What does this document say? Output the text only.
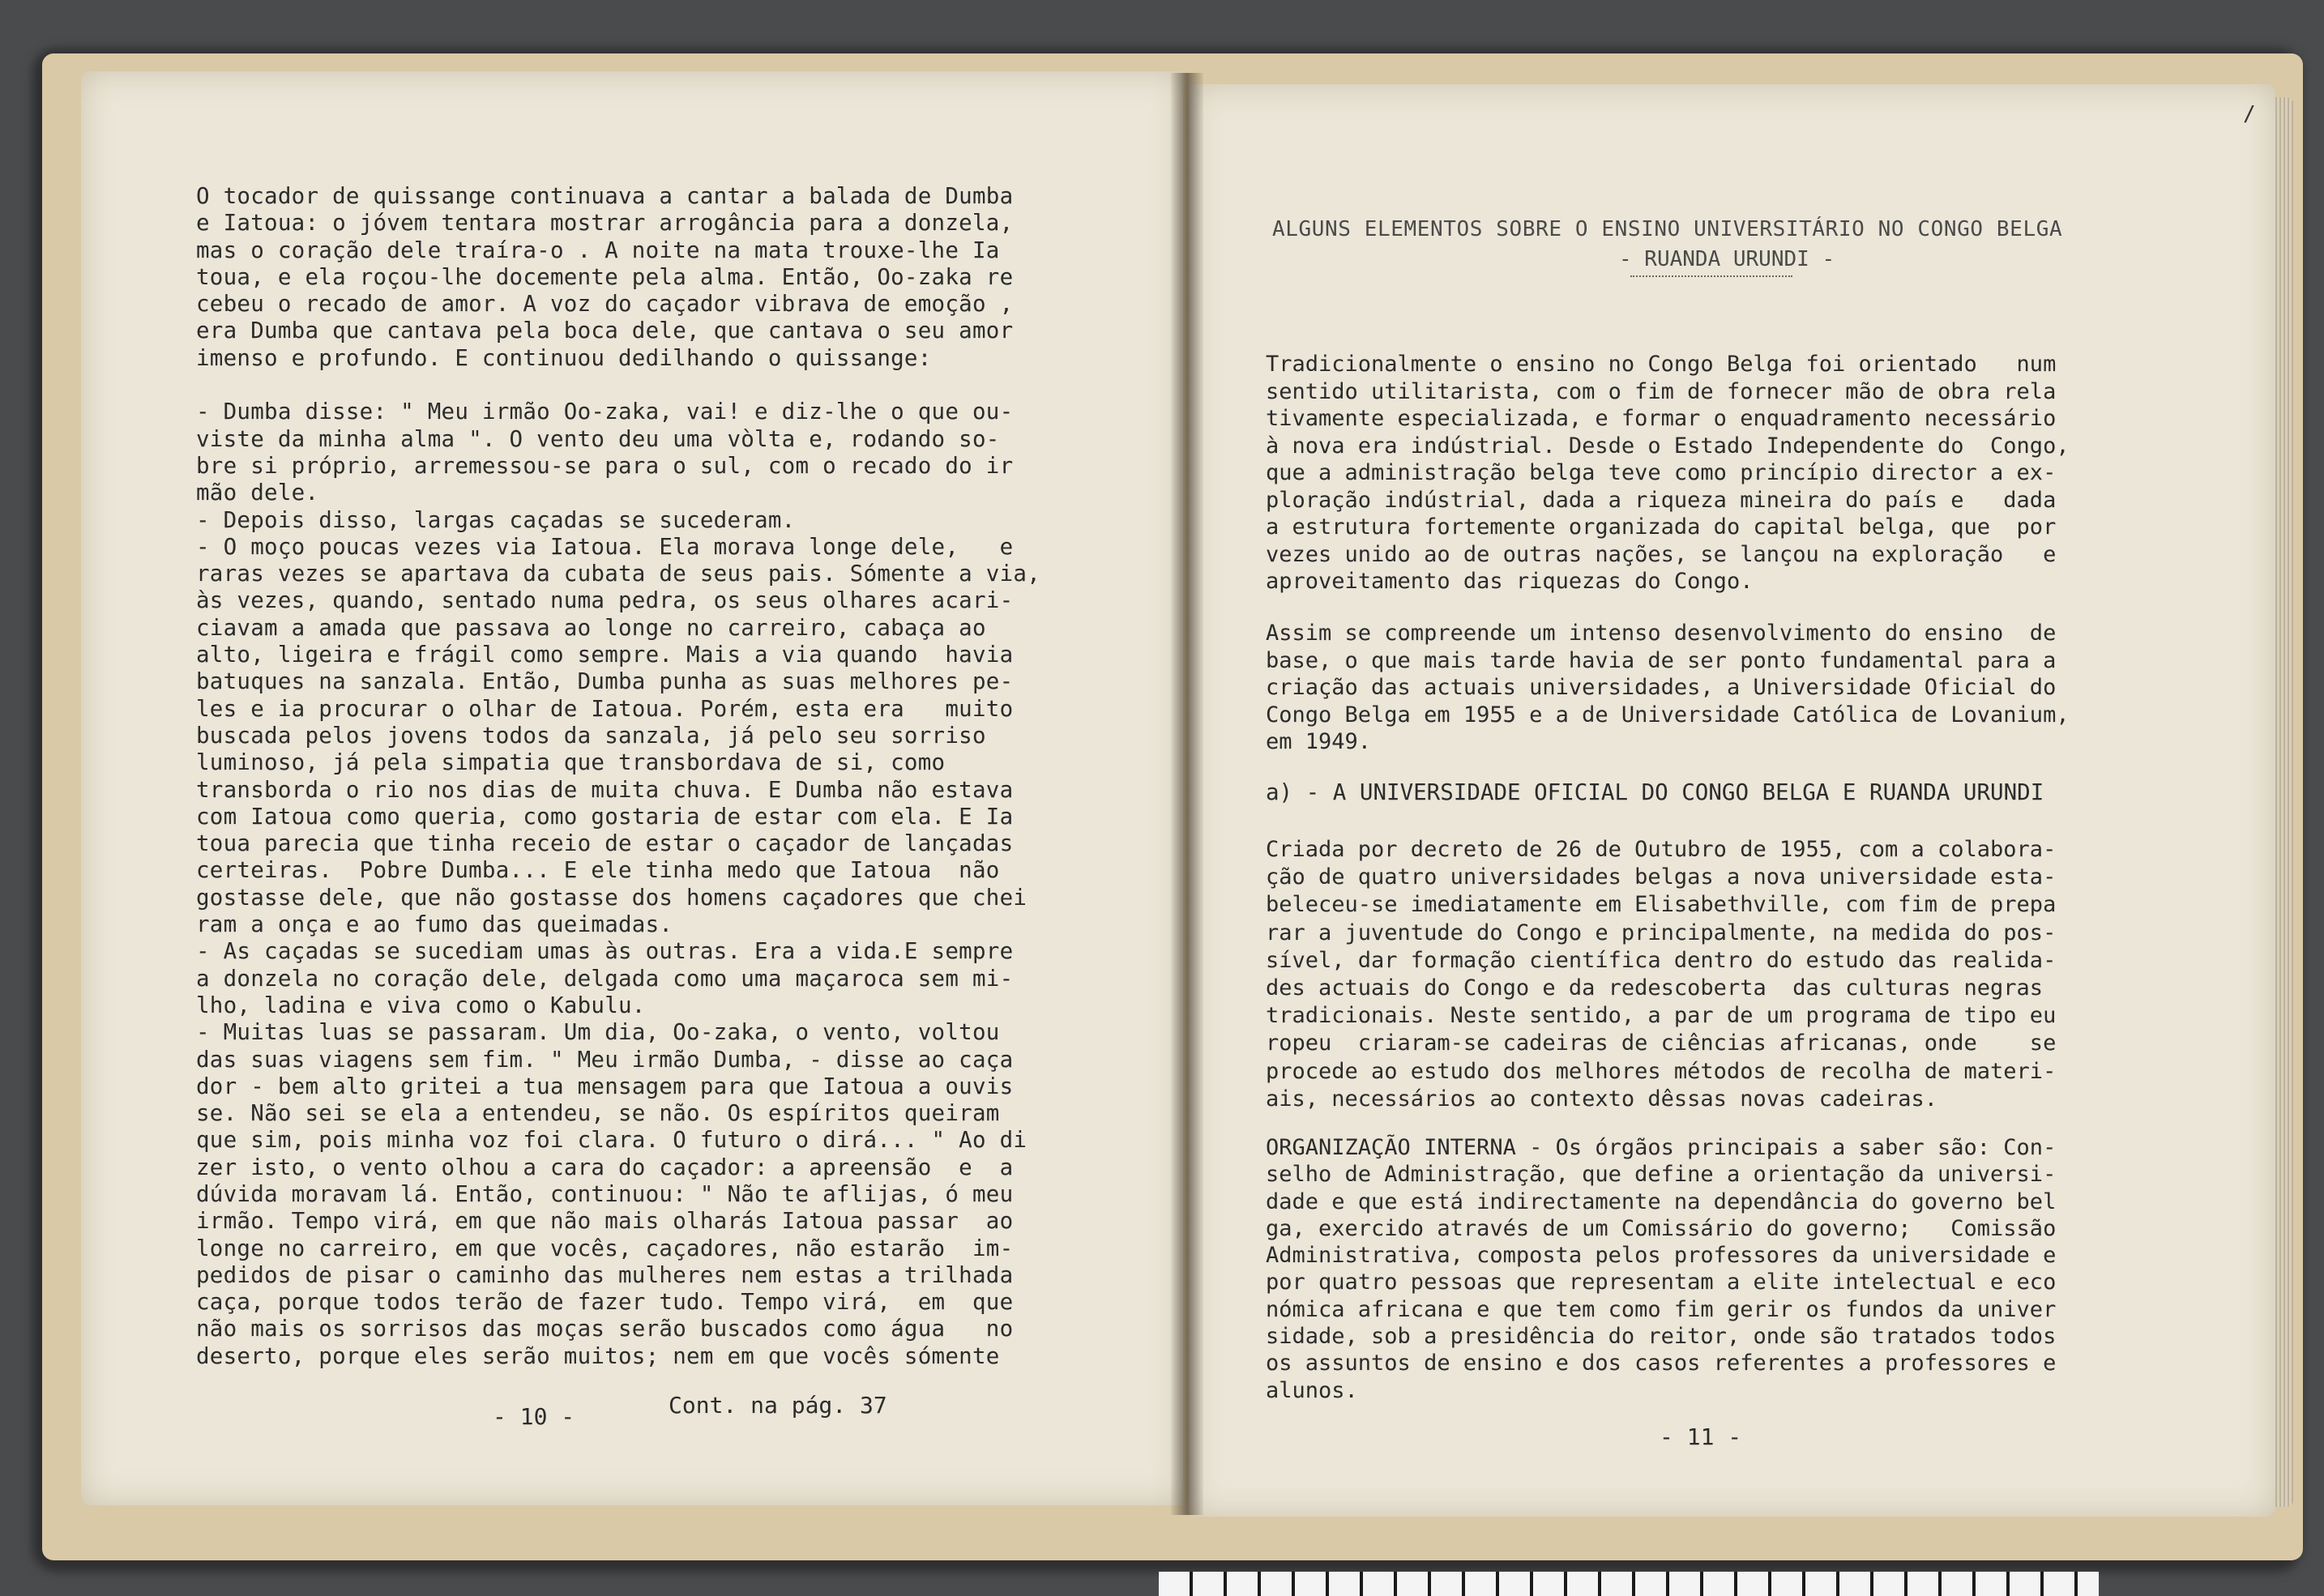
O tocador de quissange continuava a cantar a balada de Dumba
e Iatoua: o jóvem tentara mostrar arrogância para a donzela,
mas o coração dele traíra-o . A noite na mata trouxe-lhe Ia
toua, e ela roçou-lhe docemente pela alma. Então, Oo-zaka re
cebeu o recado de amor. A voz do caçador vibrava de emoção ,
era Dumba que cantava pela boca dele, que cantava o seu amor
imenso e profundo. E continuou dedilhando o quissange:

- Dumba disse: " Meu irmão Oo-zaka, vai! e diz-lhe o que ou-
viste da minha alma ". O vento deu uma vòlta e, rodando so-
bre si próprio, arremessou-se para o sul, com o recado do ir
mão dele.
- Depois disso, largas caçadas se sucederam.
- O moço poucas vezes via Iatoua. Ela morava longe dele,   e
raras vezes se apartava da cubata de seus pais. Sómente a via,
às vezes, quando, sentado numa pedra, os seus olhares acari-
ciavam a amada que passava ao longe no carreiro, cabaça ao
alto, ligeira e frágil como sempre. Mais a via quando  havia
batuques na sanzala. Então, Dumba punha as suas melhores pe-
les e ia procurar o olhar de Iatoua. Porém, esta era   muito
buscada pelos jovens todos da sanzala, já pelo seu sorriso
luminoso, já pela simpatia que transbordava de si, como
transborda o rio nos dias de muita chuva. E Dumba não estava
com Iatoua como queria, como gostaria de estar com ela. E Ia
toua parecia que tinha receio de estar o caçador de lançadas
certeiras.  Pobre Dumba... E ele tinha medo que Iatoua  não
gostasse dele, que não gostasse dos homens caçadores que chei
ram a onça e ao fumo das queimadas.
- As caçadas se sucediam umas às outras. Era a vida.E sempre
a donzela no coração dele, delgada como uma maçaroca sem mi-
lho, ladina e viva como o Kabulu.
- Muitas luas se passaram. Um dia, Oo-zaka, o vento, voltou
das suas viagens sem fim. " Meu irmão Dumba, - disse ao caça
dor - bem alto gritei a tua mensagem para que Iatoua a ouvis
se. Não sei se ela a entendeu, se não. Os espíritos queiram
que sim, pois minha voz foi clara. O futuro o dirá... " Ao di
zer isto, o vento olhou a cara do caçador: a apreensão  e  a
dúvida moravam lá. Então, continuou: " Não te aflijas, ó meu
irmão. Tempo virá, em que não mais olharás Iatoua passar  ao
longe no carreiro, em que vocês, caçadores, não estarão  im-
pedidos de pisar o caminho das mulheres nem estas a trilhada
caça, porque todos terão de fazer tudo. Tempo virá,  em  que
não mais os sorrisos das moças serão buscados como água   no
deserto, porque eles serão muitos; nem em que vocês sómente
- 10 -	Cont. na pág. 37
/
ALGUNS ELEMENTOS SOBRE O ENSINO UNIVERSITÁRIO NO CONGO BELGA
- RUANDA URUNDI -
Tradicionalmente o ensino no Congo Belga foi orientado   num
sentido utilitarista, com o fim de fornecer mão de obra rela
tivamente especializada, e formar o enquadramento necessário
à nova era indústrial. Desde o Estado Independente do  Congo,
que a administração belga teve como princípio director a ex-
ploração indústrial, dada a riqueza mineira do país e   dada
a estrutura fortemente organizada do capital belga, que  por
vezes unido ao de outras nações, se lançou na exploração   e
aproveitamento das riquezas do Congo.
Assim se compreende um intenso desenvolvimento do ensino  de
base, o que mais tarde havia de ser ponto fundamental para a
criação das actuais universidades, a Universidade Oficial do
Congo Belga em 1955 e a de Universidade Católica de Lovanium,
em 1949.
a) - A UNIVERSIDADE OFICIAL DO CONGO BELGA E RUANDA URUNDI
Criada por decreto de 26 de Outubro de 1955, com a colabora-
ção de quatro universidades belgas a nova universidade esta-
beleceu-se imediatamente em Elisabethville, com fim de prepa
rar a juventude do Congo e principalmente, na medida do pos-
sível, dar formação científica dentro do estudo das realida-
des actuais do Congo e da redescoberta  das culturas negras
tradicionais. Neste sentido, a par de um programa de tipo eu
ropeu  criaram-se cadeiras de ciências africanas, onde    se
procede ao estudo dos melhores métodos de recolha de materi-
ais, necessários ao contexto dêssas novas cadeiras.
ORGANIZAÇÃO INTERNA - Os órgãos principais a saber são: Con-
selho de Administração, que define a orientação da universi-
dade e que está indirectamente na dependância do governo bel
ga, exercido através de um Comissário do governo;   Comissão
Administrativa, composta pelos professores da universidade e
por quatro pessoas que representam a elite intelectual e eco
nómica africana e que tem como fim gerir os fundos da univer
sidade, sob a presidência do reitor, onde são tratados todos
os assuntos de ensino e dos casos referentes a professores e
alunos.
- 11 -
